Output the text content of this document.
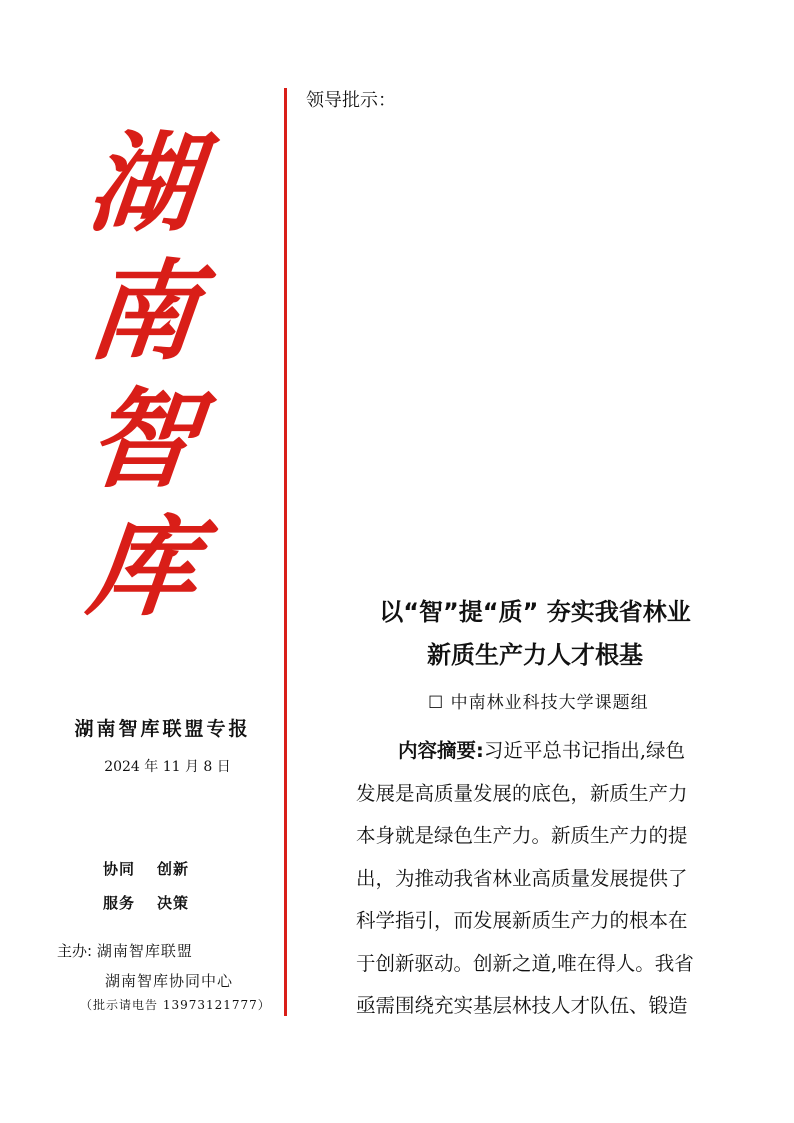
湖
南
智
库
湖南智库联盟专报
2024 年 11 月 8 日
协同 创新
服务 决策
主办: 湖南智库联盟
湖南智库协同中心
（批示请电告 13973121777）
领导批示：
以“智”提“质” 夯实我省林业
新质生产力人才根基
☐ 中南林业科技大学课题组
内容摘要:习近平总书记指出,绿色
发展是高质量发展的底色，新质生产力
本身就是绿色生产力。新质生产力的提
出，为推动我省林业高质量发展提供了
科学指引，而发展新质生产力的根本在
于创新驱动。创新之道,唯在得人。我省
亟需围绕充实基层林技人才队伍、锻造
